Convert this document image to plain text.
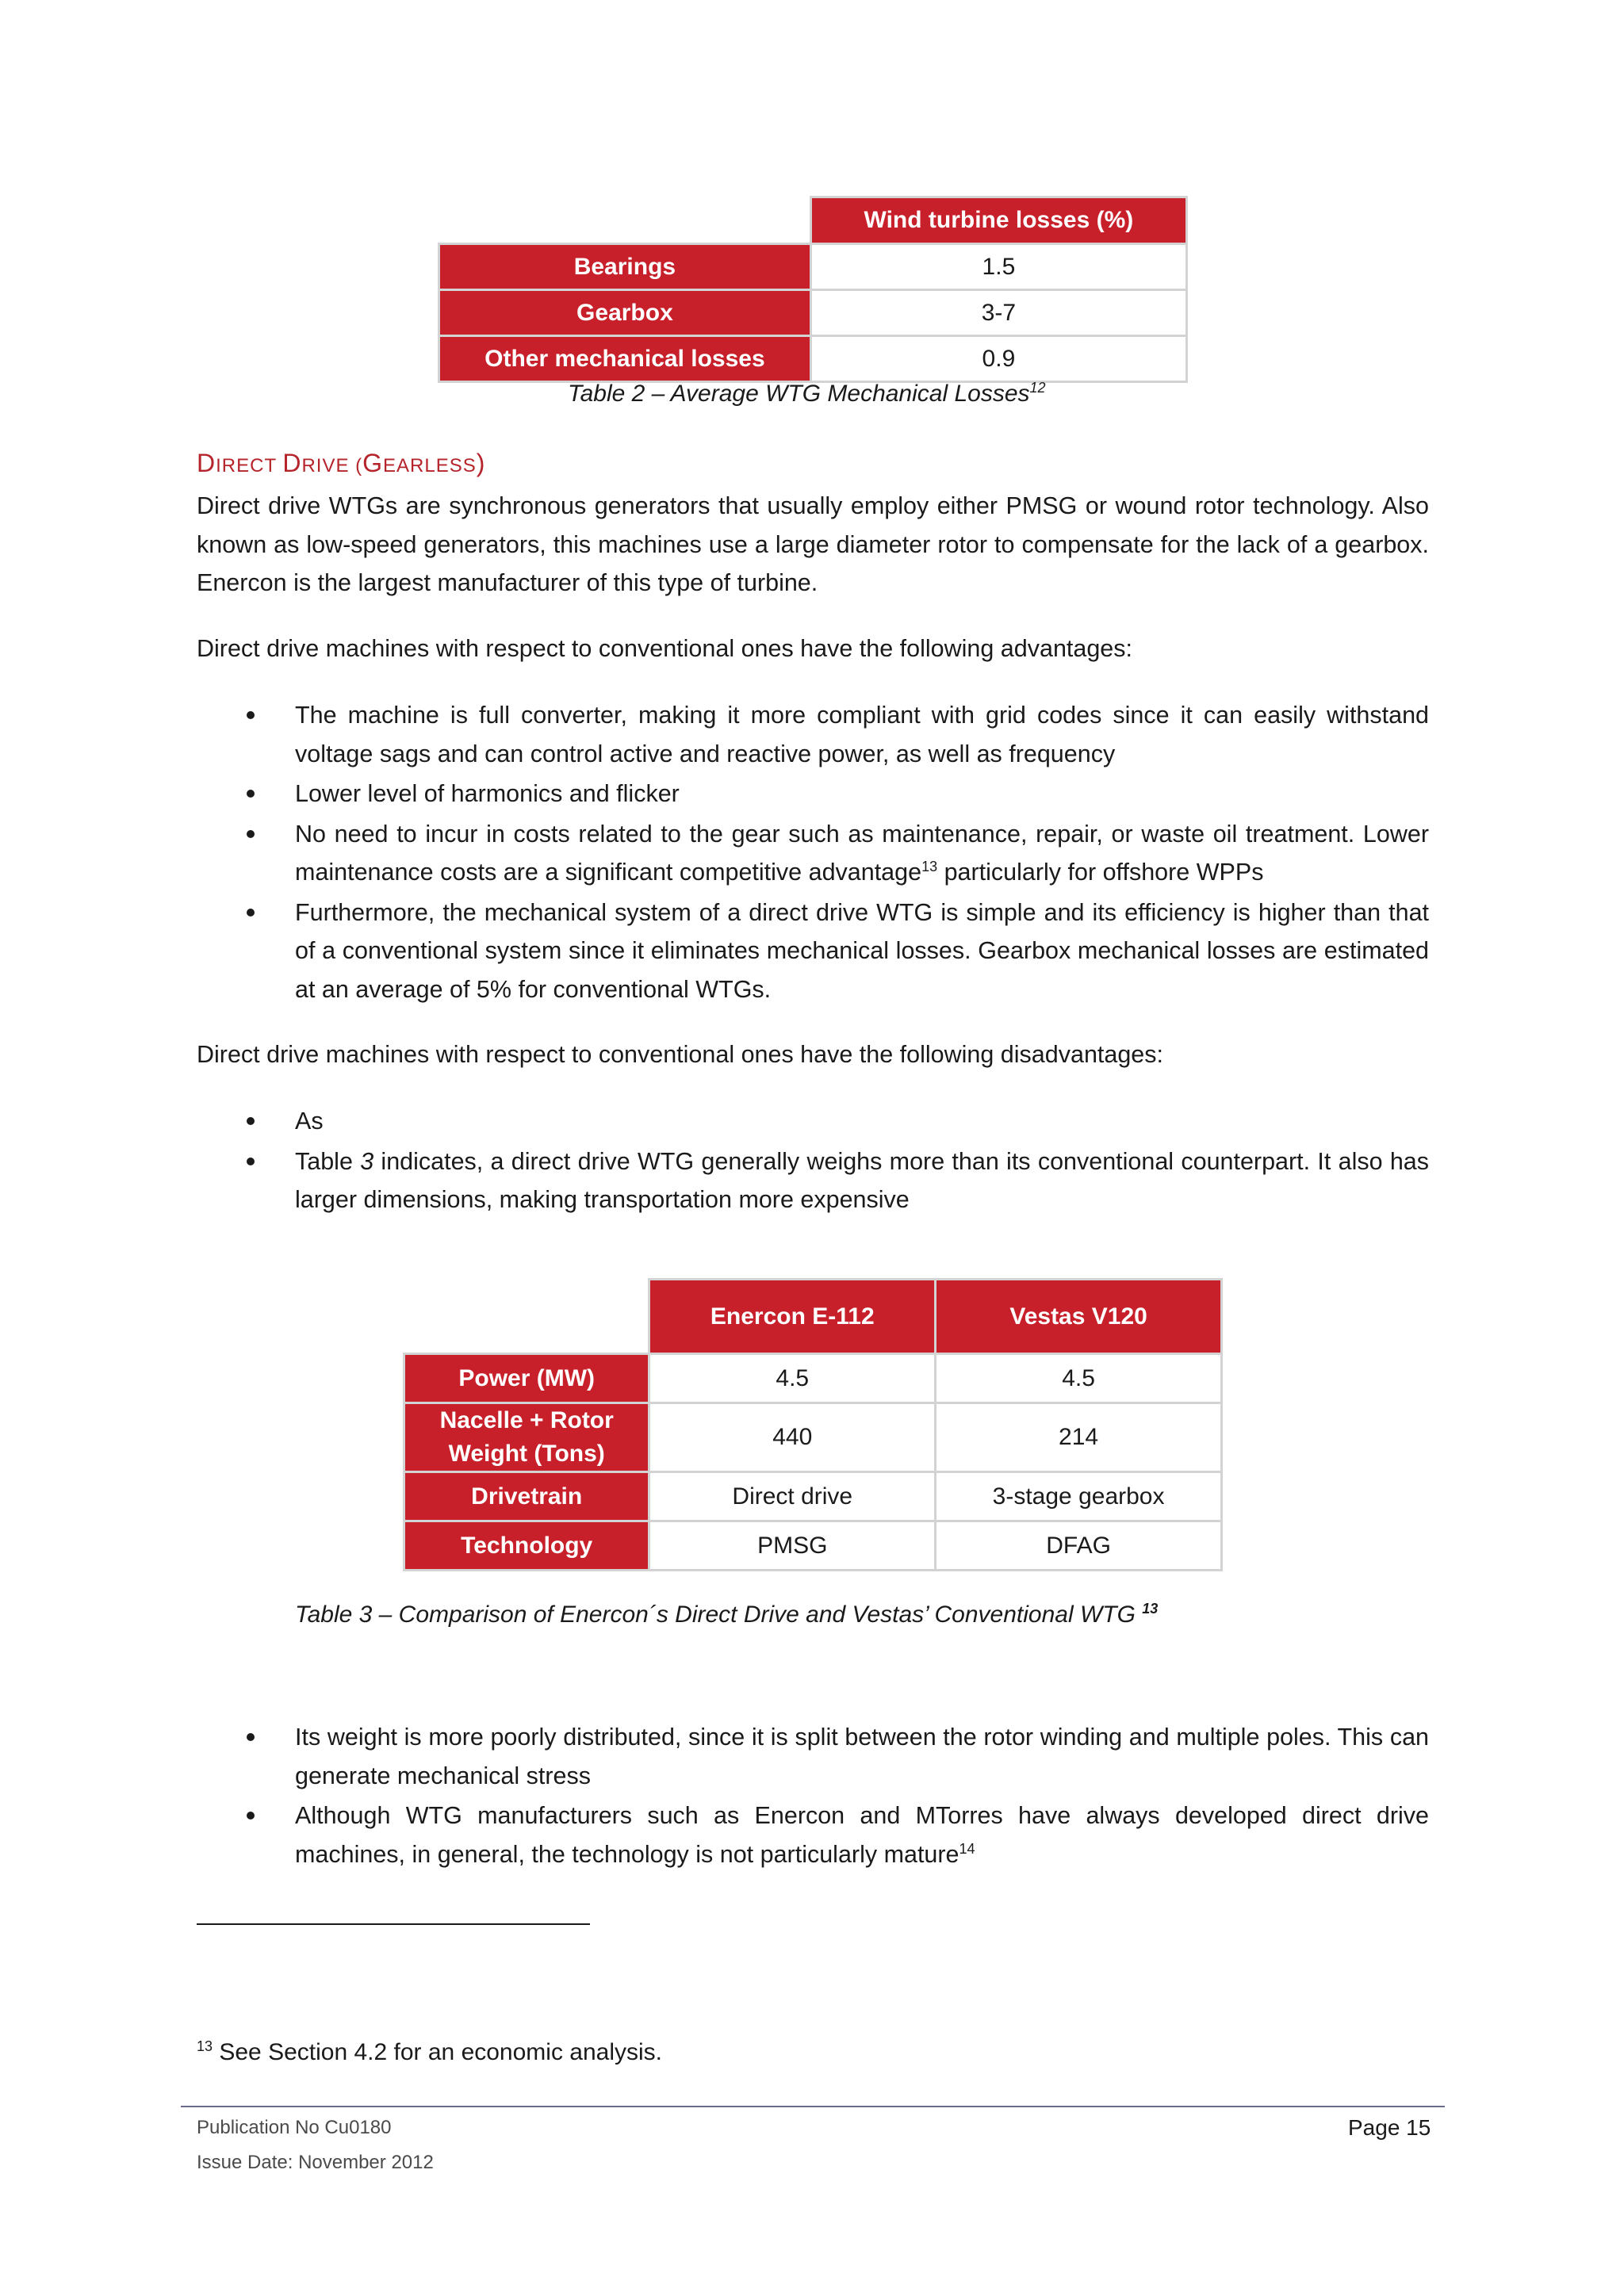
	Wind turbine losses (%)
Bearings	1.5
Gearbox	3-7
Other mechanical losses	0.9
Table 2 – Average WTG Mechanical Losses$^{12}$
DIRECT DRIVE (GEARLESS)
Direct drive WTGs are synchronous generators that usually employ either PMSG or wound rotor technology. Also known as low-speed generators, this machines use a large diameter rotor to compensate for the lack of a gearbox. Enercon is the largest manufacturer of this type of turbine.
Direct drive machines with respect to conventional ones have the following advantages:
The machine is full converter, making it more compliant with grid codes since it can easily withstand voltage sags and can control active and reactive power, as well as frequency
Lower level of harmonics and flicker
No need to incur in costs related to the gear such as maintenance, repair, or waste oil treatment. Lower maintenance costs are a significant competitive advantage$^{13}$ particularly for offshore WPPs
Furthermore, the mechanical system of a direct drive WTG is simple and its efficiency is higher than that of a conventional system since it eliminates mechanical losses. Gearbox mechanical losses are estimated at an average of 5% for conventional WTGs.
Direct drive machines with respect to conventional ones have the following disadvantages:
As
Table 3 indicates, a direct drive WTG generally weighs more than its conventional counterpart. It also has larger dimensions, making transportation more expensive
	Enercon E-112	Vestas V120
Power (MW)	4.5	4.5
Nacelle + Rotor Weight (Tons)	440	214
Drivetrain	Direct drive	3-stage gearbox
Technology	PMSG	DFAG
Table 3 – Comparison of Enercon´s Direct Drive and Vestas’ Conventional WTG $^{13}$
Its weight is more poorly distributed, since it is split between the rotor winding and multiple poles. This can generate mechanical stress
Although WTG manufacturers such as Enercon and MTorres have always developed direct drive machines, in general, the technology is not particularly mature$^{14}$
$^{13}$ See Section 4.2 for an economic analysis.
Publication No Cu0180
Issue Date: November 2012
Page 15
